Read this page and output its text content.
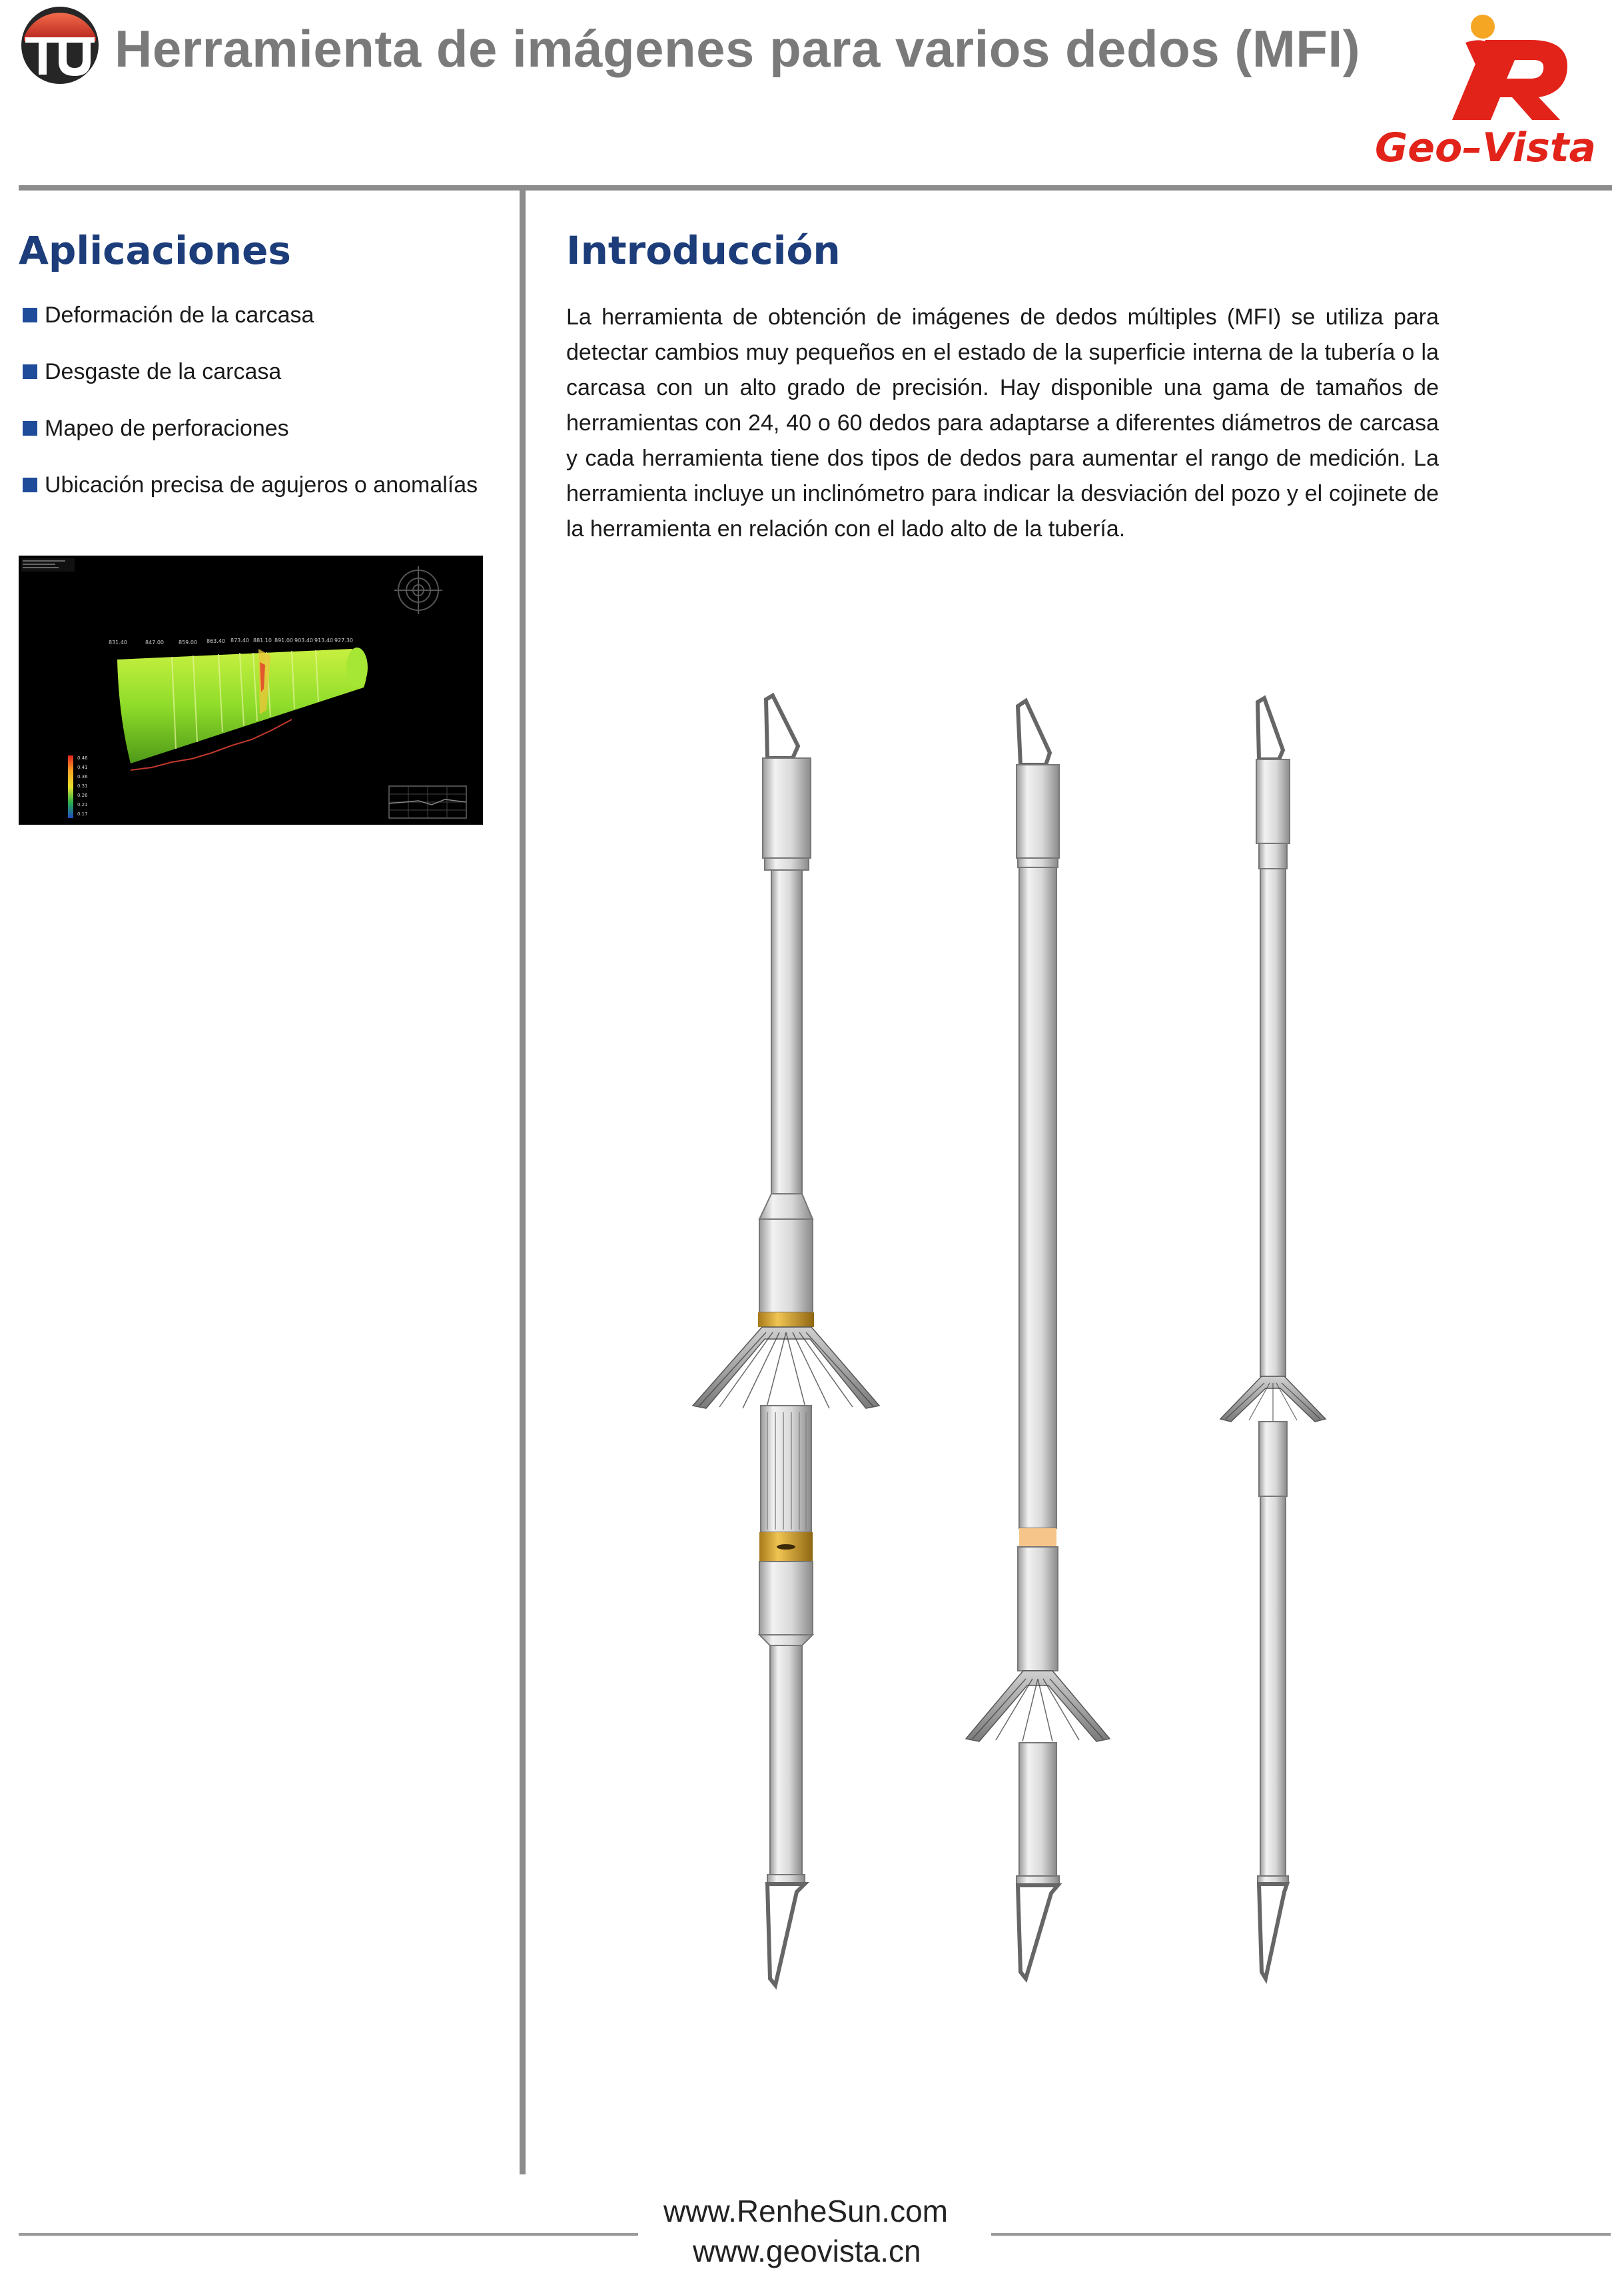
Herramienta de imágenes para varios dedos (MFI)
Geo–Vista
Aplicaciones
Deformación de la carcasa
Desgaste de la carcasa
Mapeo de perforaciones
Ubicación precisa de agujeros o anomalías
831.40	847.00	859.00 863.40 873.40 881.10 891.00 903.40 913.40 927.30
0.46
0.41
0.36
0.31
0.26
0.21
0.17
Introducción

La herramienta de obtención de imágenes de dedos múltiples (MFI) se utiliza para detectar cambios muy pequeños en el estado de la superficie interna de la tubería o la carcasa con un alto grado de precisión. Hay disponible una gama de tamaños de herramientas con 24, 40 o 60 dedos para adaptarse a diferentes diámetros de carcasa y cada herramienta tiene dos tipos de dedos para aumentar el rango de medición. La herramienta incluye un inclinómetro para indicar la desviación del pozo y el cojinete de la herramienta en relación con el lado alto de la tubería.

www.RenheSun.com
www.geovista.cn
